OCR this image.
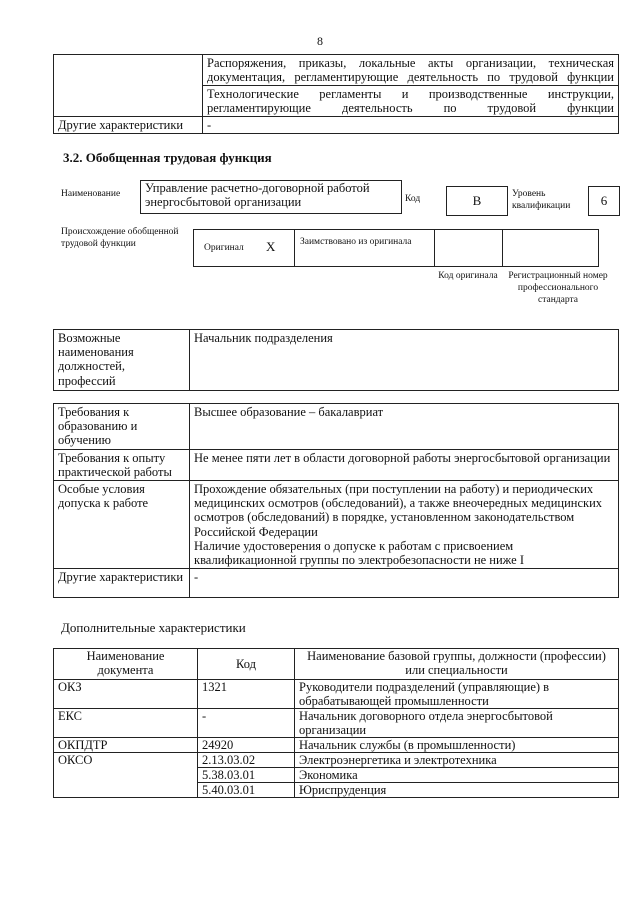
8
	Распоряжения, приказы, локальные акты организации, техническая документация, регламентирующие деятельность по трудовой функции
	Технологические регламенты и производственные инструкции, регламентирующие деятельность по трудовой функции
Другие характеристики	-
3.2. Обобщенная трудовая функция
Наименование	Управление расчетно-договорной работой энергосбытовой организации	Код	В	Уровень квалификации	6
Происхождение обобщенной трудовой функции	Оригинал X	Заимствовано из оригинала
Код оригинала Регистрационный номер профессионального стандарта
Возможные наименования должностей, профессий	Начальник подразделения
Требования к образованию и обучению	Высшее образование – бакалавриат
Требования к опыту практической работы	Не менее пяти лет в области договорной работы энергосбытовой организации
Особые условия допуска к работе	Прохождение обязательных (при поступлении на работу) и периодических медицинских осмотров (обследований), а также внеочередных медицинских осмотров (обследований) в порядке, установленном законодательством Российской Федерации
Наличие удостоверения о допуске к работам с присвоением квалификационной группы по электробезопасности не ниже I

Другие характеристики	-
Дополнительные характеристики
Наименование документа	Код	Наименование базовой группы, должности (профессии) или специальности
ОКЗ	1321	Руководители подразделений (управляющие) в обрабатывающей промышленности
ЕКС	-	Начальник договорного отдела энергосбытовой организации
ОКПДТР	24920	Начальник службы (в промышленности)
ОКСО	2.13.03.02	Электроэнергетика и электротехника
	5.38.03.01	Экономика
	5.40.03.01	Юриспруденция
